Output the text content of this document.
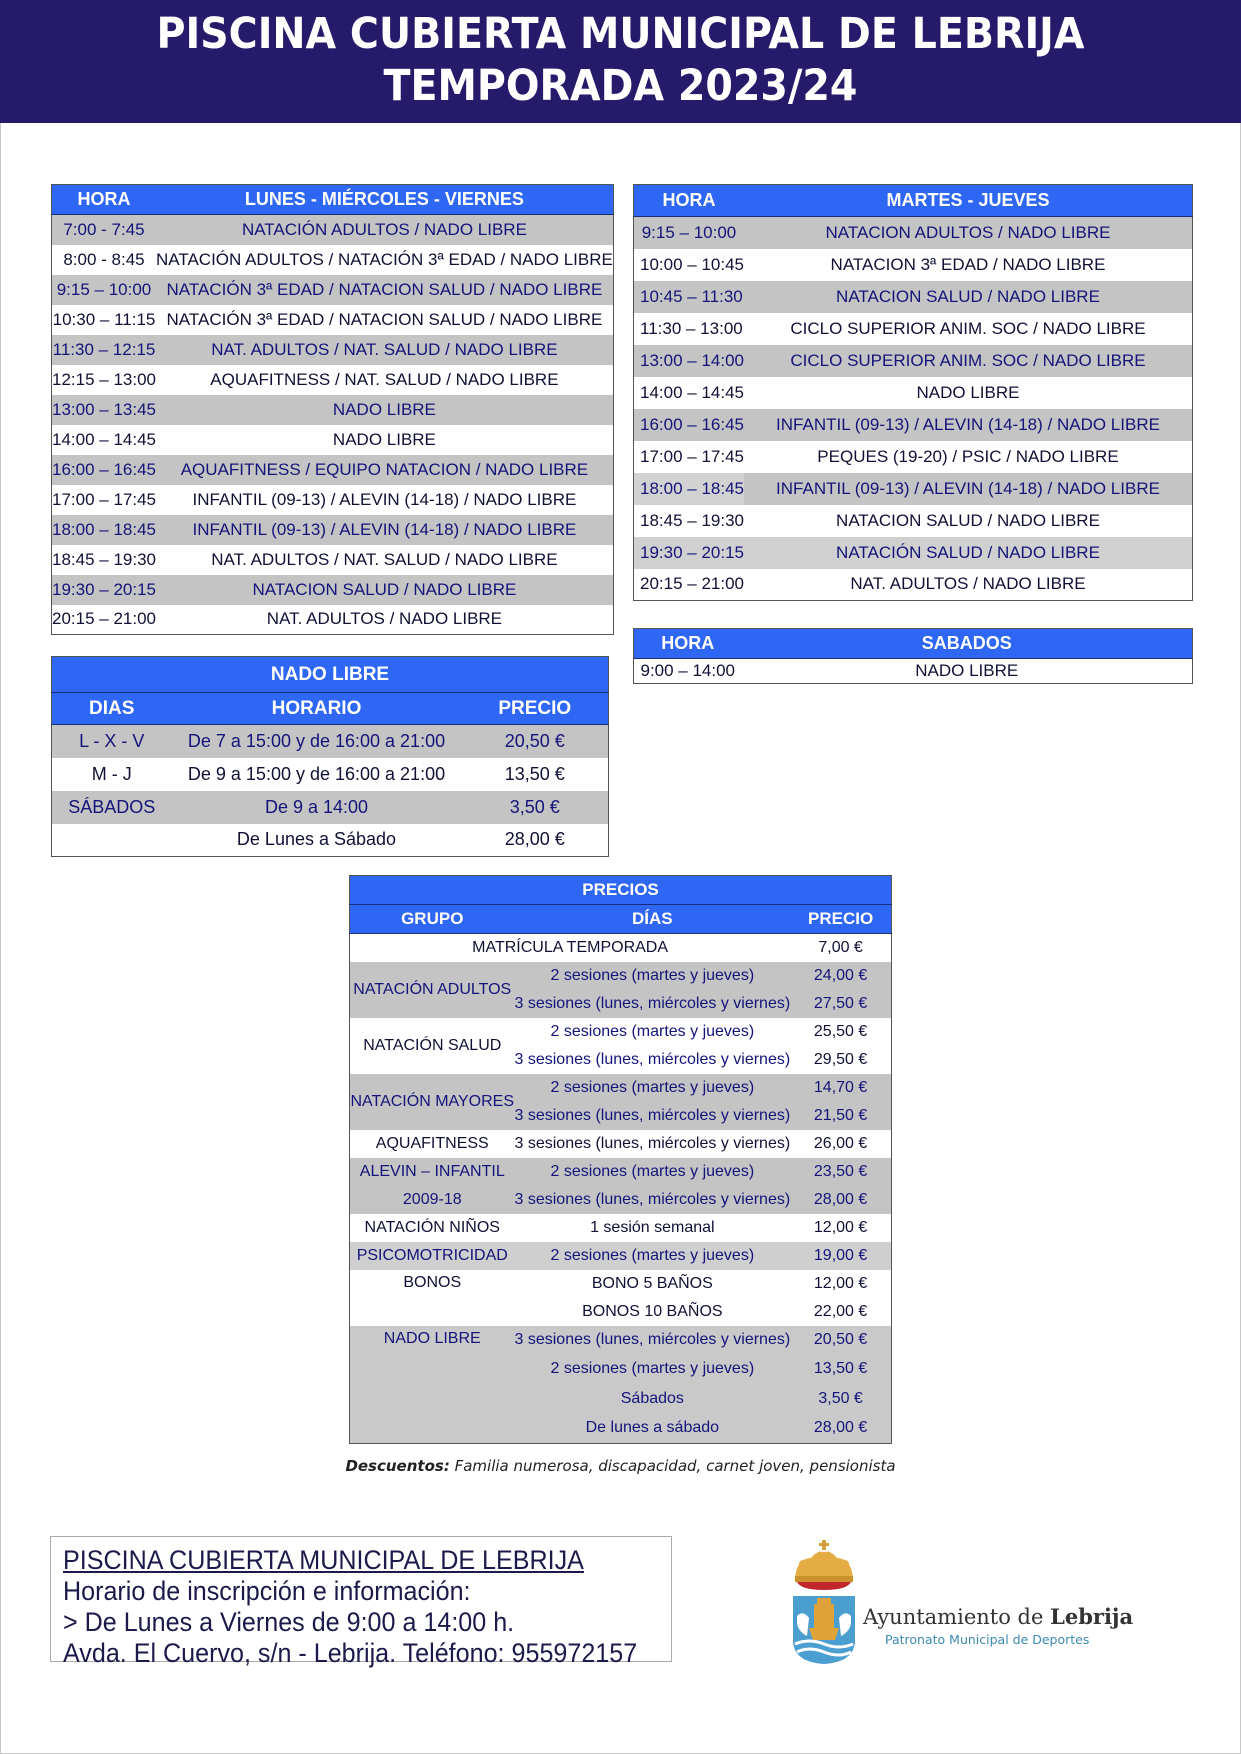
PISCINA CUBIERTA MUNICIPAL DE LEBRIJA
TEMPORADA 2023/24
HORA	LUNES - MIÉRCOLES - VIERNES
7:00 - 7:45	NATACIÓN ADULTOS / NADO LIBRE
8:00 - 8:45	NATACIÓN ADULTOS / NATACIÓN 3ª EDAD / NADO LIBRE
9:15 – 10:00	NATACIÓN 3ª EDAD / NATACION SALUD / NADO LIBRE
10:30 – 11:15	NATACIÓN 3ª EDAD / NATACION SALUD / NADO LIBRE
11:30 – 12:15	NAT. ADULTOS / NAT. SALUD / NADO LIBRE
12:15 – 13:00	AQUAFITNESS / NAT. SALUD / NADO LIBRE
13:00 – 13:45	NADO LIBRE
14:00 – 14:45	NADO LIBRE
16:00 – 16:45	AQUAFITNESS / EQUIPO NATACION / NADO LIBRE
17:00 – 17:45	INFANTIL (09-13) / ALEVIN (14-18) / NADO LIBRE
18:00 – 18:45	INFANTIL (09-13) / ALEVIN (14-18) / NADO LIBRE
18:45 – 19:30	NAT. ADULTOS / NAT. SALUD / NADO LIBRE
19:30 – 20:15	NATACION SALUD / NADO LIBRE
20:15 – 21:00	NAT. ADULTOS / NADO LIBRE
HORA	MARTES - JUEVES
9:15 – 10:00	NATACION ADULTOS / NADO LIBRE
10:00 – 10:45	NATACION 3ª EDAD / NADO LIBRE
10:45 – 11:30	NATACION SALUD / NADO LIBRE
11:30 – 13:00	CICLO SUPERIOR ANIM. SOC / NADO LIBRE
13:00 – 14:00	CICLO SUPERIOR ANIM. SOC / NADO LIBRE
14:00 – 14:45	NADO LIBRE
16:00 – 16:45	INFANTIL (09-13) / ALEVIN (14-18) / NADO LIBRE
17:00 – 17:45	PEQUES (19-20) / PSIC / NADO LIBRE
18:00 – 18:45	INFANTIL (09-13) / ALEVIN (14-18) / NADO LIBRE
18:45 – 19:30	NATACION SALUD / NADO LIBRE
19:30 – 20:15	NATACIÓN SALUD / NADO LIBRE
20:15 – 21:00	NAT. ADULTOS / NADO LIBRE
HORA	SABADOS
9:00 – 14:00	NADO LIBRE
NADO LIBRE		
DIAS	HORARIO	PRECIO
L - X - V	De 7 a 15:00 y de 16:00 a 21:00	20,50 €
M - J	De 9 a 15:00 y de 16:00 a 21:00	13,50 €
SÁBADOS	De 9 a 14:00	3,50 €
	De Lunes a Sábado	28,00 €
PRECIOS		
GRUPO	DÍAS	PRECIO
MATRÍCULA TEMPORADA		7,00 €
NATACIÓN ADULTOS	2 sesiones (martes y jueves)	24,00 €
	3 sesiones (lunes, miércoles y viernes)	27,50 €
NATACIÓN SALUD	2 sesiones (martes y jueves)	25,50 €
	3 sesiones (lunes, miércoles y viernes)	29,50 €
NATACIÓN MAYORES	2 sesiones (martes y jueves)	14,70 €
	3 sesiones (lunes, miércoles y viernes)	21,50 €
AQUAFITNESS	3 sesiones (lunes, miércoles y viernes)	26,00 €
ALEVIN – INFANTIL	2 sesiones (martes y jueves)	23,50 €
2009-18	3 sesiones (lunes, miércoles y viernes)	28,00 €
NATACIÓN NIÑOS	1 sesión semanal	12,00 €
PSICOMOTRICIDAD	2 sesiones (martes y jueves)	19,00 €
BONOS	BONO 5 BAÑOS	12,00 €
	BONOS 10 BAÑOS	22,00 €
NADO LIBRE	3 sesiones (lunes, miércoles y viernes)	20,50 €
	2 sesiones (martes y jueves)	13,50 €
	Sábados	3,50 €
	De lunes a sábado	28,00 €
Descuentos: Familia numerosa, discapacidad, carnet joven, pensionista
PISCINA CUBIERTA MUNICIPAL DE LEBRIJA
Horario de inscripción e información:
> De Lunes a Viernes de 9:00 a 14:00 h.
Avda. El Cuervo, s/n - Lebrija. Teléfono: 955972157
Ayuntamiento de Lebrija
Patronato Municipal de Deportes
